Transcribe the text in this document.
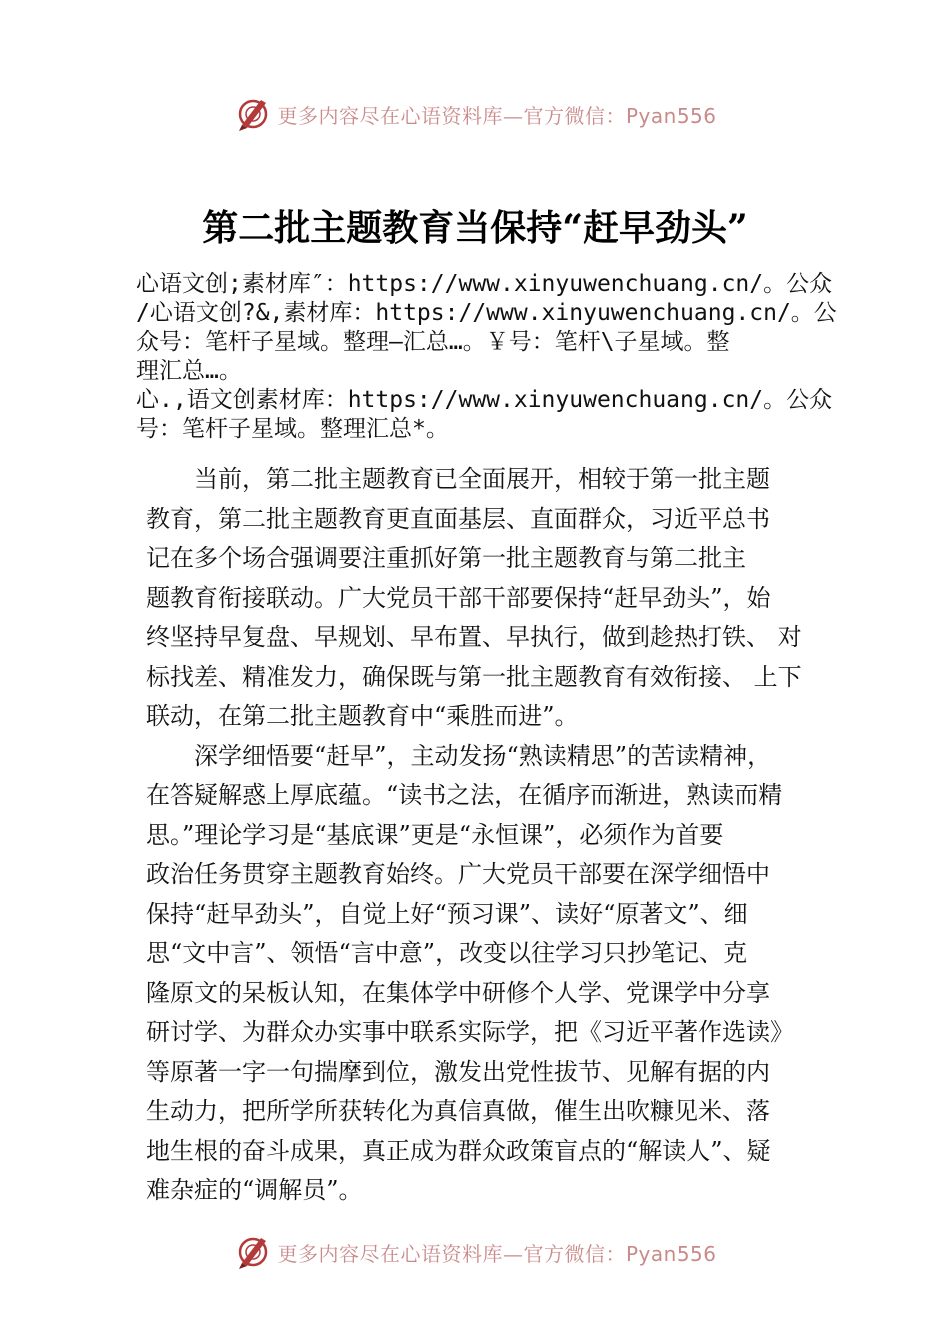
更多内容尽在心语资料库—官方微信：Pyan556
第二批主题教育当保持“赶早劲头”
心语文创;素材库″：https://www.xinyuwenchuang.cn/。公众
/心语文创?&,素材库：https://www.xinyuwenchuang.cn/。公
众号：笔杆子星域。整理—汇总…。￥号：笔杆\子星域。整
理汇总…。
心.,语文创素材库：https://www.xinyuwenchuang.cn/。公众
号：笔杆子星域。整理汇总*。
当前，第二批主题教育已全面展开，相较于第一批主题
教育，第二批主题教育更直面基层、直面群众，习近平总书
记在多个场合强调要注重抓好第一批主题教育与第二批主
题教育衔接联动。广大党员干部干部要保持“赶早劲头”，始
终坚持早复盘、早规划、早布置、早执行，做到趁热打铁、 对
标找差、精准发力，确保既与第一批主题教育有效衔接、 上下
联动，在第二批主题教育中“乘胜而进”。
深学细悟要“赶早”，主动发扬“熟读精思”的苦读精神，
在答疑解惑上厚底蕴。“读书之法，在循序而渐进，熟读而精
思。”理论学习是“基底课”更是“永恒课”，必须作为首要
政治任务贯穿主题教育始终。广大党员干部要在深学细悟中
保持“赶早劲头”，自觉上好“预习课”、读好“原著文”、细
思“文中言”、领悟“言中意”，改变以往学习只抄笔记、克
隆原文的呆板认知，在集体学中研修个人学、党课学中分享
研讨学、为群众办实事中联系实际学，把《习近平著作选读》
等原著一字一句揣摩到位，激发出党性拔节、见解有据的内
生动力，把所学所获转化为真信真做，催生出吹糠见米、落
地生根的奋斗成果，真正成为群众政策盲点的“解读人”、疑
难杂症的“调解员”。
更多内容尽在心语资料库—官方微信：Pyan556
